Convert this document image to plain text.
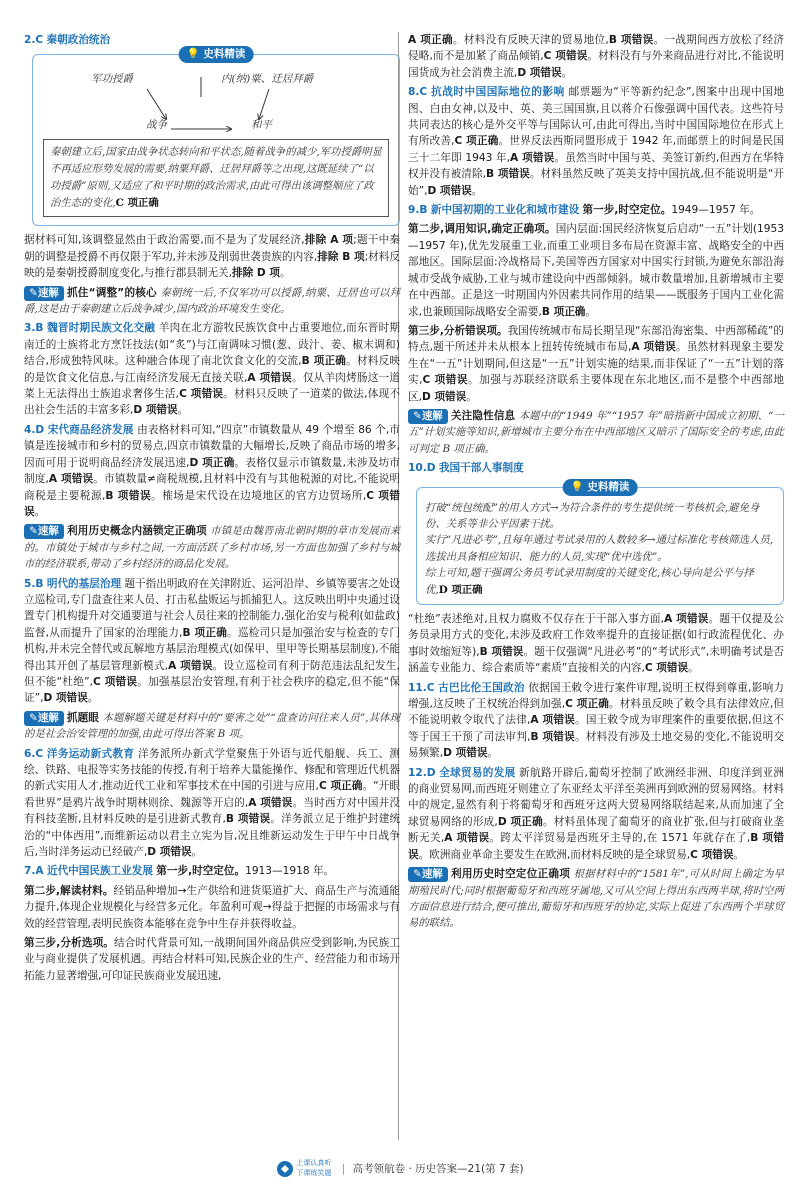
2.C 秦朝政治统治
💡 史料精读
军功授爵	内(纳)粟、迁居拜爵
战争	和平
秦朝建立后,国家由战争状态转向和平状态,随着战争的减少,军功授爵明显不再适应形势发展的需要,纳粟拜爵、迁居拜爵等之出现,这既延续了“以功授爵”原则,又适应了和平时期的政治需求,由此可得出该调整顺应了政治生态的变化,C 项正确
据材料可知,该调整显然由于政治需要,而不是为了发展经济,排除 A 项;题干中秦朝的调整是授爵不再仅限于军功,并未涉及削弱世袭贵族的内容,排除 B 项;材料反映的是秦朝授爵制度变化,与推行郡县制无关,排除 D 项。
✎速解 抓住“调整”的核心 秦朝统一后,不仅军功可以授爵,纳粟、迁居也可以拜爵,这是由于秦朝建立后战争减少,国内政治环境发生变化。
3.B 魏晋时期民族文化交融 羊肉在北方游牧民族饮食中占重要地位,而东晋时期南迁的士族将北方烹饪技法(如“炙”)与江南调味习惯(葱、豉汁、姜、椒末调和)结合,形成独特风味。这种融合体现了南北饮食文化的交流,B 项正确。材料反映的是饮食文化信息,与江南经济发展无直接关联,A 项错误。仅从羊肉烤肠这一道菜上无法得出士族追求奢侈生活,C 项错误。材料只反映了一道菜的做法,体现不出社会生活的丰富多彩,D 项错误。
4.D 宋代商品经济发展 由表格材料可知,“四京”市镇数量从 49 个增至 86 个,市镇是连接城市和乡村的贸易点,四京市镇数量的大幅增长,反映了商品市场的增多,因而可用于说明商品经济发展迅速,D 项正确。表格仅显示市镇数量,未涉及坊市制度,A 项错误。市镇数量≠商税规模,且材料中没有与其他税源的对比,不能说明商税是主要税源,B 项错误。榷场是宋代设在边境地区的官方边贸场所,C 项错误。
✎速解 利用历史概念内涵锁定正确项 市镇是由魏晋南北朝时期的草市发展而来的。市镇处于城市与乡村之间,一方面活跃了乡村市场,另一方面也加强了乡村与城市的经济联系,带动了乡村经济的商品化发展。
5.B 明代的基层治理 题干指出明政府在关津附近、运河沿岸、乡镇等要害之处设立巡检司,专门盘查往来人员、打击私盐贩运与抓捕犯人。这反映出明中央通过设置专门机构提升对交通要道与社会人员往来的控制能力,强化治安与税利(如盐政)监督,从而提升了国家的治理能力,B 项正确。巡检司只是加强治安与检查的专门机构,并未完全替代或瓦解地方基层治理模式(如保甲、里甲等长期基层制度),不能得出其开创了基层管理新模式,A 项错误。设立巡检司有利于防范违法乱纪发生,但不能“杜绝”,C 项错误。加强基层治安管理,有利于社会秩序的稳定,但不能“保证”,D 项错误。
✎速解 抓题眼 本题解题关键是材料中的“要害之处”“盘查访问往来人员”,其体现的是社会治安管理的加强,由此可得出答案 B 项。
6.C 洋务运动新式教育 洋务派所办新式学堂聚焦于外语与近代船舰、兵工、测绘、铁路、电报等实务技能的传授,有利于培养大量能操作、修配和管理近代机器的新式实用人才,推动近代工业和军事技术在中国的引进与应用,C 项正确。“开眼看世界”是鸦片战争时期林则徐、魏源等开启的,A 项错误。当时西方对中国并没有科技垄断,且材料反映的是引进新式教育,B 项错误。洋务派立足于维护封建统治的“中体西用”,而维新运动以君主立宪为旨,况且维新运动发生于甲午中日战争后,当时洋务运动已经破产,D 项错误。
7.A 近代中国民族工业发展 第一步,时空定位。1913—1918 年。
第二步,解读材料。经销品种增加→生产供给和进货渠道扩大、商品生产与流通能力提升,体现企业规模化与经营多元化。年盈利可观→得益于把握的市场需求与有效的经营管理,表明民族资本能够在竞争中生存并获得收益。
第三步,分析选项。结合时代背景可知,一战期间国外商品供应受到影响,为民族工业与商业提供了发展机遇。再结合材料可知,民族企业的生产、经营能力和市场开拓能力显著增强,可印证民族商业发展迅速,
A 项正确。材料没有反映天津的贸易地位,B 项错误。一战期间西方放松了经济侵略,而不是加紧了商品倾销,C 项错误。材料没有与外来商品进行对比,不能说明国货成为社会消费主流,D 项错误。
8.C 抗战时中国国际地位的影响 邮票题为“平等新约纪念”,图案中出现中国地图、白由女神,以及中、英、美三国国旗,且以蒋介石像强调中国代表。这些符号共同表达的核心是外交平等与国际认可,由此可得出,当时中国国际地位在形式上有所改善,C 项正确。世界反法西斯同盟形成于 1942 年,而邮票上的时间是民国三十二年即 1943 年,A 项错误。虽然当时中国与英、美签订新约,但西方在华特权并没有被清除,B 项错误。材料虽然反映了英美支持中国抗战,但不能说明是“开始”,D 项错误。
9.B 新中国初期的工业化和城市建设 第一步,时空定位。1949—1957 年。
第二步,调用知识,确定正确项。国内层面:国民经济恢复后启动“一五”计划(1953—1957 年),优先发展重工业,而重工业项目多布局在资源丰富、战略安全的中西部地区。国际层面:冷战格局下,美国等西方国家对中国实行封锁,为避免东部沿海城市受战争威胁,工业与城市建设向中西部倾斜。城市数量增加,且新增城市主要在中西部。正是这一时期国内外因素共同作用的结果——既服务于国内工业化需求,也兼顾国际战略安全需要,B 项正确。
第三步,分析错误项。我国传统城市布局长期呈现“东部沿海密集、中西部稀疏”的特点,题干所述并未从根本上扭转传统城市布局,A 项错误。虽然材料现象主要发生在“一五”计划期间,但这是“一五”计划实施的结果,而非保证了“一五”计划的落实,C 项错误。加强与苏联经济联系主要体现在东北地区,而不是整个中西部地区,D 项错误。
✎速解 关注隐性信息 本题中的“1949 年”“1957 年”暗指新中国成立初期、“一五”计划实施等知识,新增城市主要分布在中西部地区又暗示了国际安全的考虑,由此可判定 B 项正确。
10.D 我国干部人事制度
💡 史料精读
打破“统包统配”的用人方式→为符合条件的考生提供统一考核机会,避免身份、关系等非公平因素干扰。
实行“凡进必考”,且每年通过考试录用的人数较多→通过标准化考核筛选人员,选拔出具备相应知识、能力的人员,实现“优中选优”。
综上可知,题干强调公务员考试录用制度的关键变化,核心导向是公平与择优,D 项正确
“杜绝”表述绝对,且权力腐败不仅存在于干部入事方面,A 项错误。题干仅提及公务员录用方式的变化,未涉及政府工作效率提升的直接证据(如行政流程优化、办事时效缩短等),B 项错误。题干仅强调“凡进必考”的“考试形式”,未明确考试是否涵盖专业能力、综合素质等“素质”直接相关的内容,C 项错误。
11.C 古巴比伦王国政治 依据国王敕令进行案件审理,说明王权得到尊重,影响力增强,这反映了王权统治得到加强,C 项正确。材料虽反映了敕令具有法律效应,但不能说明敕令取代了法律,A 项错误。国王敕令成为审理案件的重要依据,但这不等于国王干预了司法审判,B 项错误。材料没有涉及土地交易的变化,不能说明交易频繁,D 项错误。
12.D 全球贸易的发展 新航路开辟后,葡萄牙控制了欧洲经非洲、印度洋到亚洲的商业贸易网,而西班牙则建立了东亚经太平洋至美洲再到欧洲的贸易网络。材料中的规定,显然有利于将葡萄牙和西班牙这两大贸易网络联结起来,从而加速了全球贸易网络的形成,D 项正确。材料虽体现了葡萄牙的商业扩张,但与打破商业垄断无关,A 项错误。跨太平洋贸易是西班牙主导的,在 1571 年就存在了,B 项错误。欧洲商业革命主要发生在欧洲,而材料反映的是全球贸易,C 项错误。
✎速解 利用历史时空定位正确项 根据材料中的“1581年”,可从时间上确定为早期殖民时代;同时根据葡萄牙和西班牙属地,又可从空间上得出东西两半球,将时空两方面信息进行结合,便可推出,葡萄牙和西班牙的协定,实际上促进了东西两个半球贸易的联结。
上课认真听
下课练笑题 | 高考领航卷 · 历史答案—21(第 7 套)
